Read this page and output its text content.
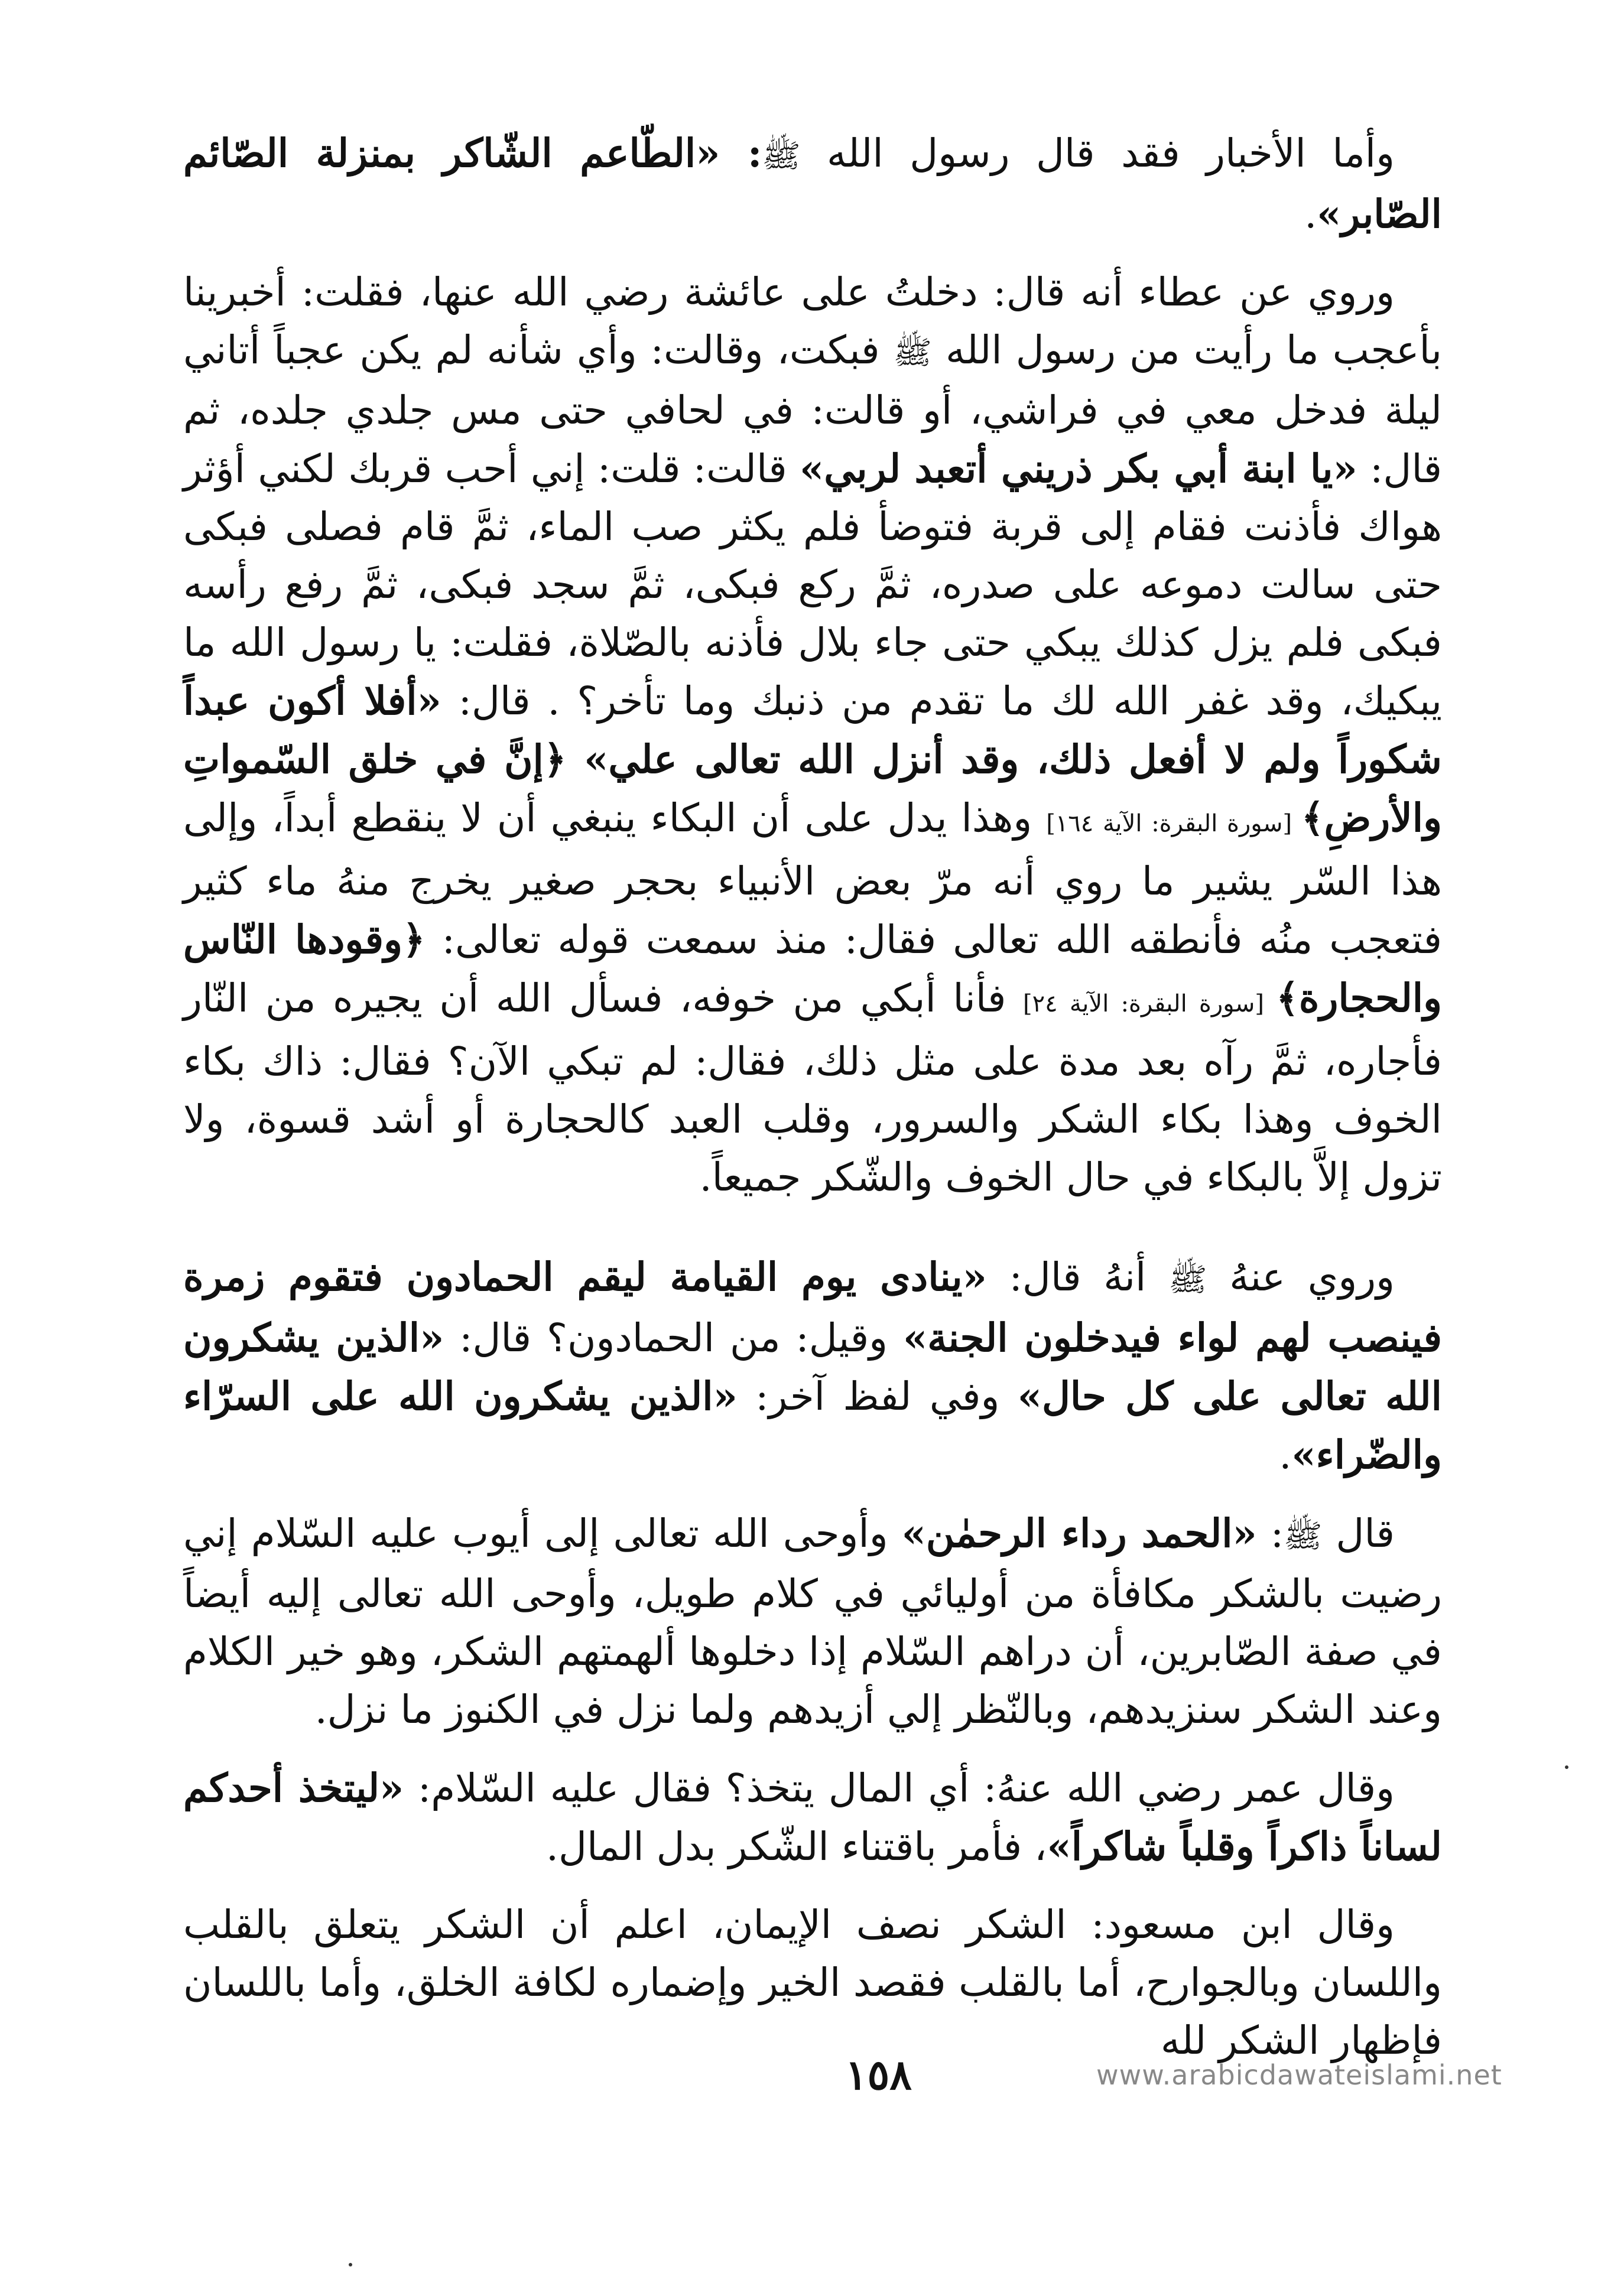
وأما الأخبار فقد قال رسول الله ﷺ: «الطّاعم الشّاكر بمنزلة الصّائم الصّابر».

وروي عن عطاء أنه قال: دخلتُ على عائشة رضي الله عنها، فقلت: أخبرينا بأعجب ما رأيت من رسول الله ﷺ فبكت، وقالت: وأي شأنه لم يكن عجباً أتاني ليلة فدخل معي في فراشي، أو قالت: في لحافي حتى مس جلدي جلده، ثم قال: «يا ابنة أبي بكر ذريني أتعبد لربي» قالت: قلت: إني أحب قربك لكني أؤثر هواك فأذنت فقام إلى قربة فتوضأ فلم يكثر صب الماء، ثمَّ قام فصلى فبكى حتى سالت دموعه على صدره، ثمَّ ركع فبكى، ثمَّ سجد فبكى، ثمَّ رفع رأسه فبكى فلم يزل كذلك يبكي حتى جاء بلال فأذنه بالصّلاة، فقلت: يا رسول الله ما يبكيك، وقد غفر الله لك ما تقدم من ذنبك وما تأخر؟ . قال: «أفلا أكون عبداً شكوراً ولم لا أفعل ذلك، وقد أنزل الله تعالى علي» ﴿إنَّ في خلق السّمواتِ والأرضِ﴾ [سورة البقرة: الآية ١٦٤] وهذا يدل على أن البكاء ينبغي أن لا ينقطع أبداً، وإلى هذا السّر يشير ما روي أنه مرّ بعض الأنبياء بحجر صغير يخرج منهُ ماء كثير فتعجب منُه فأنطقه الله تعالى فقال: منذ سمعت قوله تعالى: ﴿وقودها النّاس والحجارة﴾ [سورة البقرة: الآية ٢٤] فأنا أبكي من خوفه، فسأل الله أن يجيره من النّار فأجاره، ثمَّ رآه بعد مدة على مثل ذلك، فقال: لم تبكي الآن؟ فقال: ذاك بكاء الخوف وهذا بكاء الشكر والسرور، وقلب العبد كالحجارة أو أشد قسوة، ولا تزول إلاَّ بالبكاء في حال الخوف والشّكر جميعاً.

وروي عنهُ ﷺ أنهُ قال: «ينادى يوم القيامة ليقم الحمادون فتقوم زمرة فينصب لهم لواء فيدخلون الجنة» وقيل: من الحمادون؟ قال: «الذين يشكرون الله تعالى على كل حال» وفي لفظ آخر: «الذين يشكرون الله على السرّاء والضّراء».

قال ﷺ: «الحمد رداء الرحمٰن» وأوحى الله تعالى إلى أيوب عليه السّلام إني رضيت بالشكر مكافأة من أوليائي في كلام طويل، وأوحى الله تعالى إليه أيضاً في صفة الصّابرين، أن دراهم السّلام إذا دخلوها ألهمتهم الشكر، وهو خير الكلام وعند الشكر سنزيدهم، وبالنّظر إلي أزيدهم ولما نزل في الكنوز ما نزل.

وقال عمر رضي الله عنهُ: أي المال يتخذ؟ فقال عليه السّلام: «ليتخذ أحدكم لساناً ذاكراً وقلباً شاكراً»، فأمر باقتناء الشّكر بدل المال.

وقال ابن مسعود: الشكر نصف الإيمان، اعلم أن الشكر يتعلق بالقلب واللسان وبالجوارح، أما بالقلب فقصد الخير وإضماره لكافة الخلق، وأما باللسان فإظهار الشكر لله

١٥٨	www.arabicdawateislami.net
